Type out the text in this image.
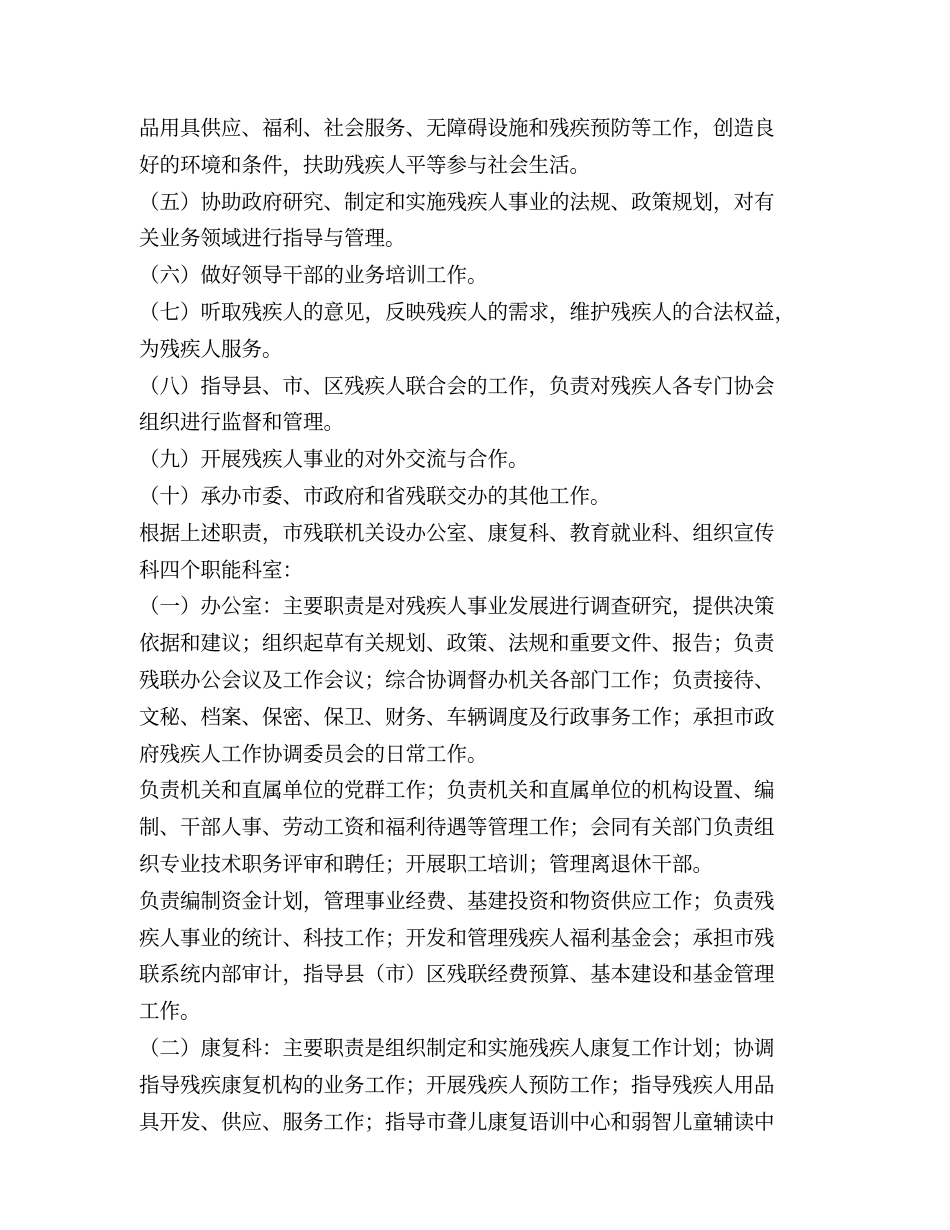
品用具供应、福利、社会服务、无障碍设施和残疾预防等工作，创造良
好的环境和条件，扶助残疾人平等参与社会生活。
（五）协助政府研究、制定和实施残疾人事业的法规、政策规划，对有
关业务领域进行指导与管理。
（六）做好领导干部的业务培训工作。
（七）听取残疾人的意见，反映残疾人的需求，维护残疾人的合法权益，
为残疾人服务。
（八）指导县、市、区残疾人联合会的工作，负责对残疾人各专门协会
组织进行监督和管理。
（九）开展残疾人事业的对外交流与合作。
（十）承办市委、市政府和省残联交办的其他工作。
根据上述职责，市残联机关设办公室、康复科、教育就业科、组织宣传
科四个职能科室：
（一）办公室：主要职责是对残疾人事业发展进行调查研究，提供决策
依据和建议；组织起草有关规划、政策、法规和重要文件、报告；负责
残联办公会议及工作会议；综合协调督办机关各部门工作；负责接待、
文秘、档案、保密、保卫、财务、车辆调度及行政事务工作；承担市政
府残疾人工作协调委员会的日常工作。
负责机关和直属单位的党群工作；负责机关和直属单位的机构设置、编
制、干部人事、劳动工资和福利待遇等管理工作；会同有关部门负责组
织专业技术职务评审和聘任；开展职工培训；管理离退休干部。
负责编制资金计划，管理事业经费、基建投资和物资供应工作；负责残
疾人事业的统计、科技工作；开发和管理残疾人福利基金会；承担市残
联系统内部审计，指导县（市）区残联经费预算、基本建设和基金管理
工作。
（二）康复科：主要职责是组织制定和实施残疾人康复工作计划；协调
指导残疾康复机构的业务工作；开展残疾人预防工作；指导残疾人用品
具开发、供应、服务工作；指导市聋儿康复语训中心和弱智儿童辅读中
